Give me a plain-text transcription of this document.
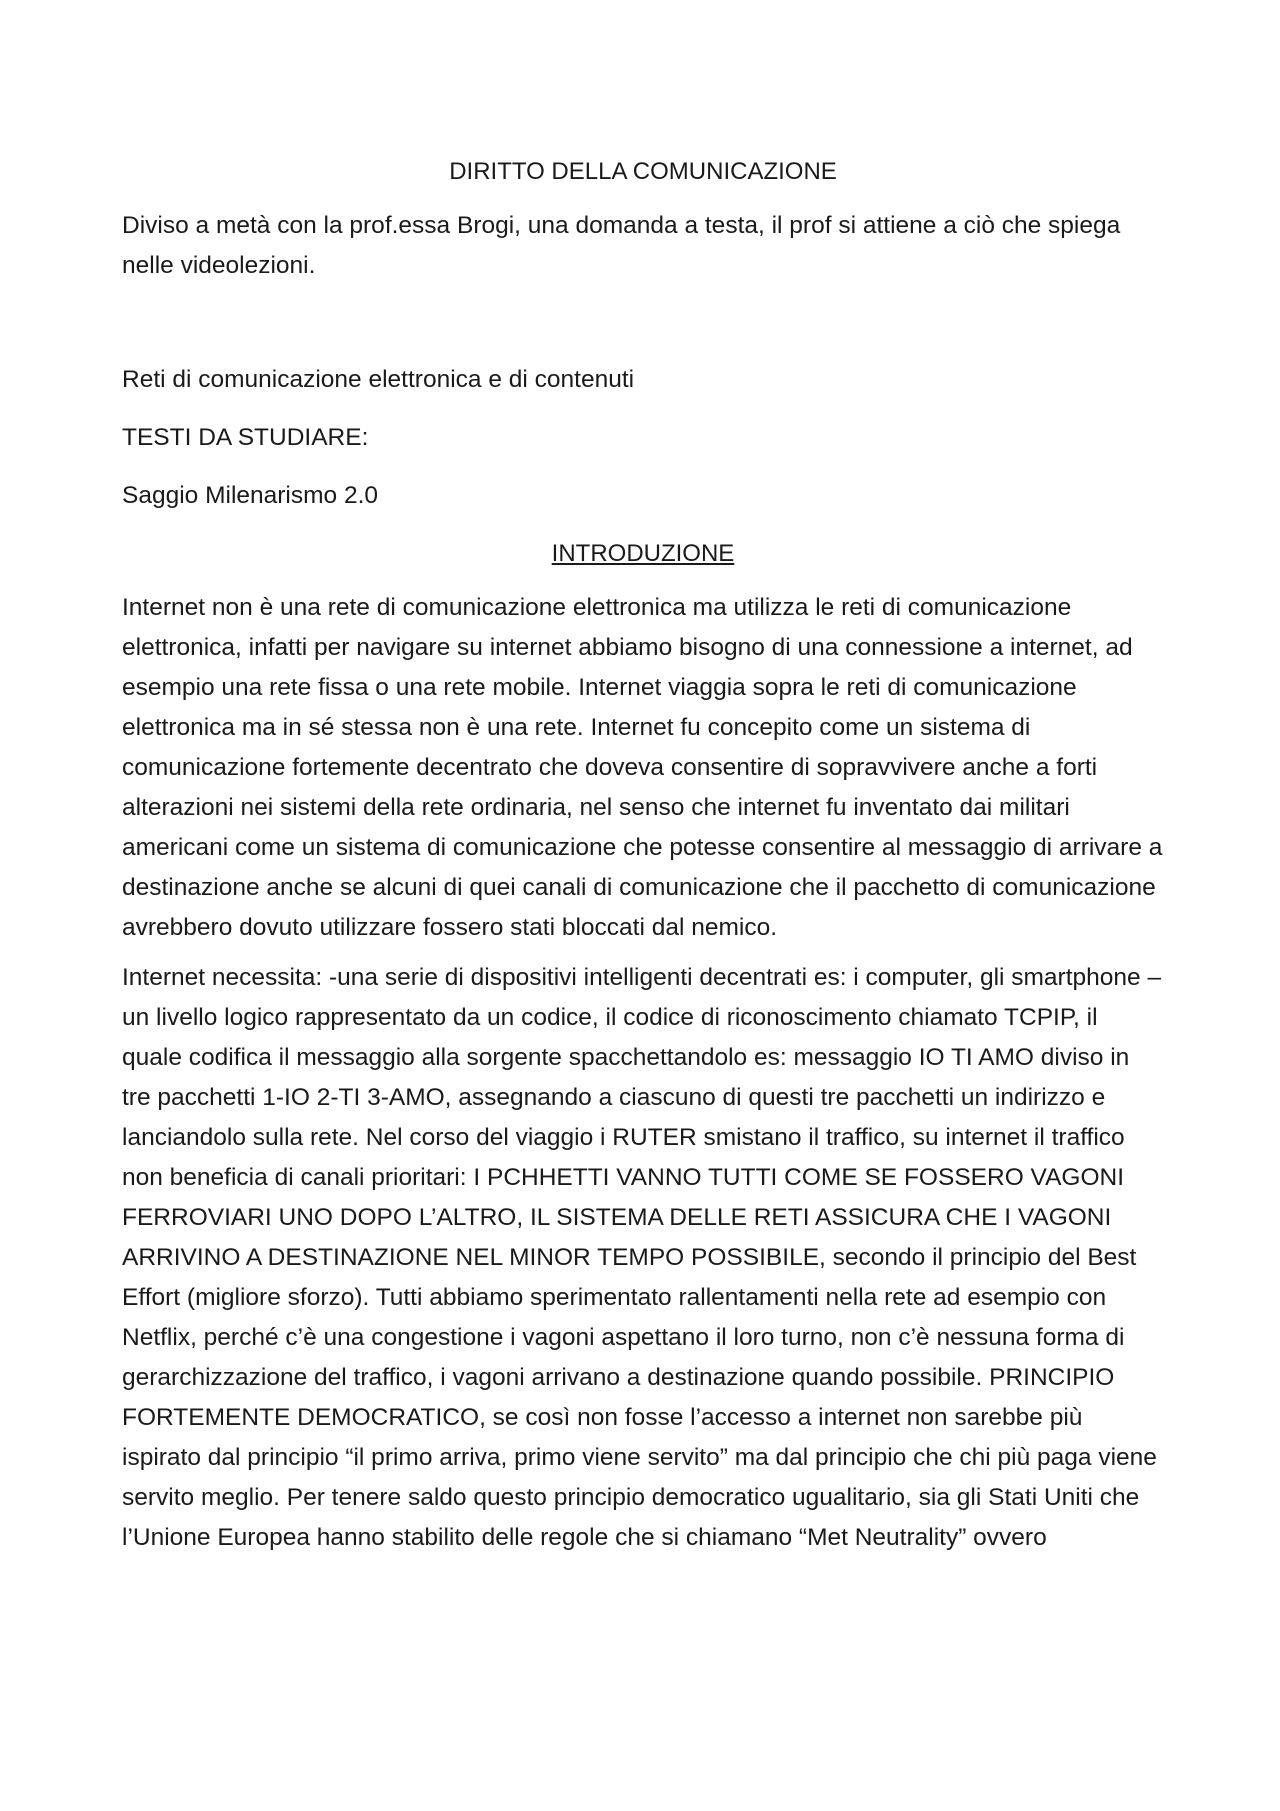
DIRITTO DELLA COMUNICAZIONE
Diviso a metà con la prof.essa Brogi, una domanda a testa, il prof si attiene a ciò che spiega nelle videolezioni.
Reti di comunicazione elettronica e di contenuti
TESTI DA STUDIARE:
Saggio Milenarismo 2.0
INTRODUZIONE
Internet non è una rete di comunicazione elettronica ma utilizza le reti di comunicazione elettronica, infatti per navigare su internet abbiamo bisogno di una connessione a internet, ad esempio una rete fissa o una rete mobile. Internet viaggia sopra le reti di comunicazione elettronica ma in sé stessa non è una rete. Internet fu concepito come un sistema di comunicazione fortemente decentrato che doveva consentire di sopravvivere anche a forti alterazioni nei sistemi della rete ordinaria, nel senso che internet fu inventato dai militari americani come un sistema di comunicazione che potesse consentire al messaggio di arrivare a destinazione anche se alcuni di quei canali di comunicazione che il pacchetto di comunicazione avrebbero dovuto utilizzare fossero stati bloccati dal nemico.
Internet necessita: -una serie di dispositivi intelligenti decentrati es: i computer, gli smartphone – un livello logico rappresentato da un codice, il codice di riconoscimento chiamato TCPIP, il quale codifica il messaggio alla sorgente spacchettandolo es: messaggio IO TI AMO diviso in tre pacchetti 1-IO 2-TI 3-AMO, assegnando a ciascuno di questi tre pacchetti un indirizzo e lanciandolo sulla rete. Nel corso del viaggio i RUTER smistano il traffico, su internet il traffico non beneficia di canali prioritari: I PCHHETTI VANNO TUTTI COME SE FOSSERO VAGONI FERROVIARI UNO DOPO L’ALTRO, IL SISTEMA DELLE RETI ASSICURA CHE I VAGONI ARRIVINO A DESTINAZIONE NEL MINOR TEMPO POSSIBILE, secondo il principio del Best Effort (migliore sforzo). Tutti abbiamo sperimentato rallentamenti nella rete ad esempio con Netflix, perché c’è una congestione i vagoni aspettano il loro turno, non c’è nessuna forma di gerarchizzazione del traffico, i vagoni arrivano a destinazione quando possibile. PRINCIPIO FORTEMENTE DEMOCRATICO, se così non fosse l’accesso a internet non sarebbe più ispirato dal principio “il primo arriva, primo viene servito” ma dal principio che chi più paga viene servito meglio. Per tenere saldo questo principio democratico ugualitario, sia gli Stati Uniti che l’Unione Europea hanno stabilito delle regole che si chiamano “Met Neutrality” ovvero
